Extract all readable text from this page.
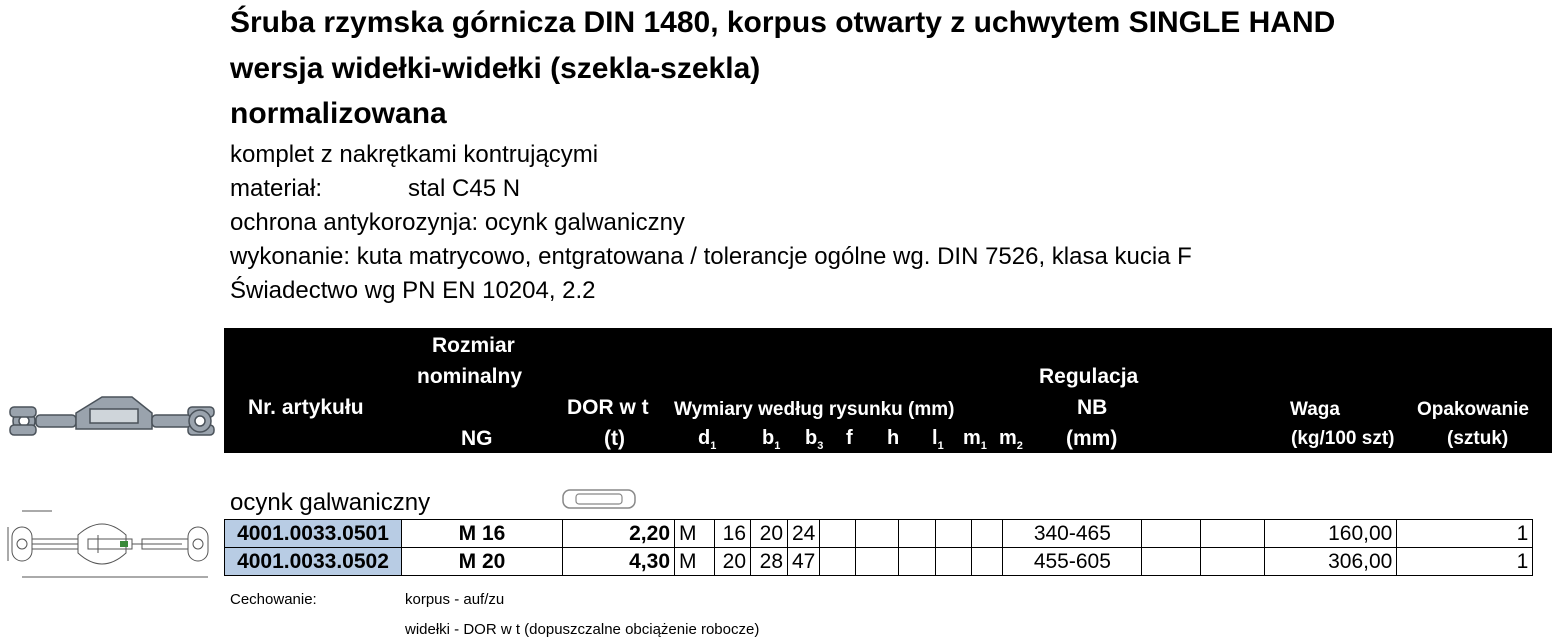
Śruba rzymska górnicza DIN 1480, korpus otwarty z uchwytem SINGLE HAND
wersja widełki-widełki (szekla-szekla)
normalizowana
komplet z nakrętkami kontrującymi
materiał:	stal C45 N
ochrona antykorozynja: ocynk galwaniczny
wykonanie: kuta matrycowo, entgratowana / tolerancje ogólne wg. DIN 7526, klasa kucia F
Świadectwo wg PN EN 10204, 2.2
Nr. artykułu
Rozmiar
nominalny
NG
DOR w t
(t)
Wymiary według rysunku (mm)
$d_1$ $b_1$ $b_3$ f h $l_1$ $m_1$ $m_2$
Regulacja
NB
(mm)
Waga
(kg/100 szt)
Opakowanie
(sztuk)
ocynk galwaniczny
4001.0033.0501	M 16	2,20	M	16	20	24						340-465			160,00	1
4001.0033.0502	M 20	4,30	M	20	28	47						455-605			306,00	1
Cechowanie:	korpus - auf/zu
widełki - DOR w t (dopuszczalne obciążenie robocze)
